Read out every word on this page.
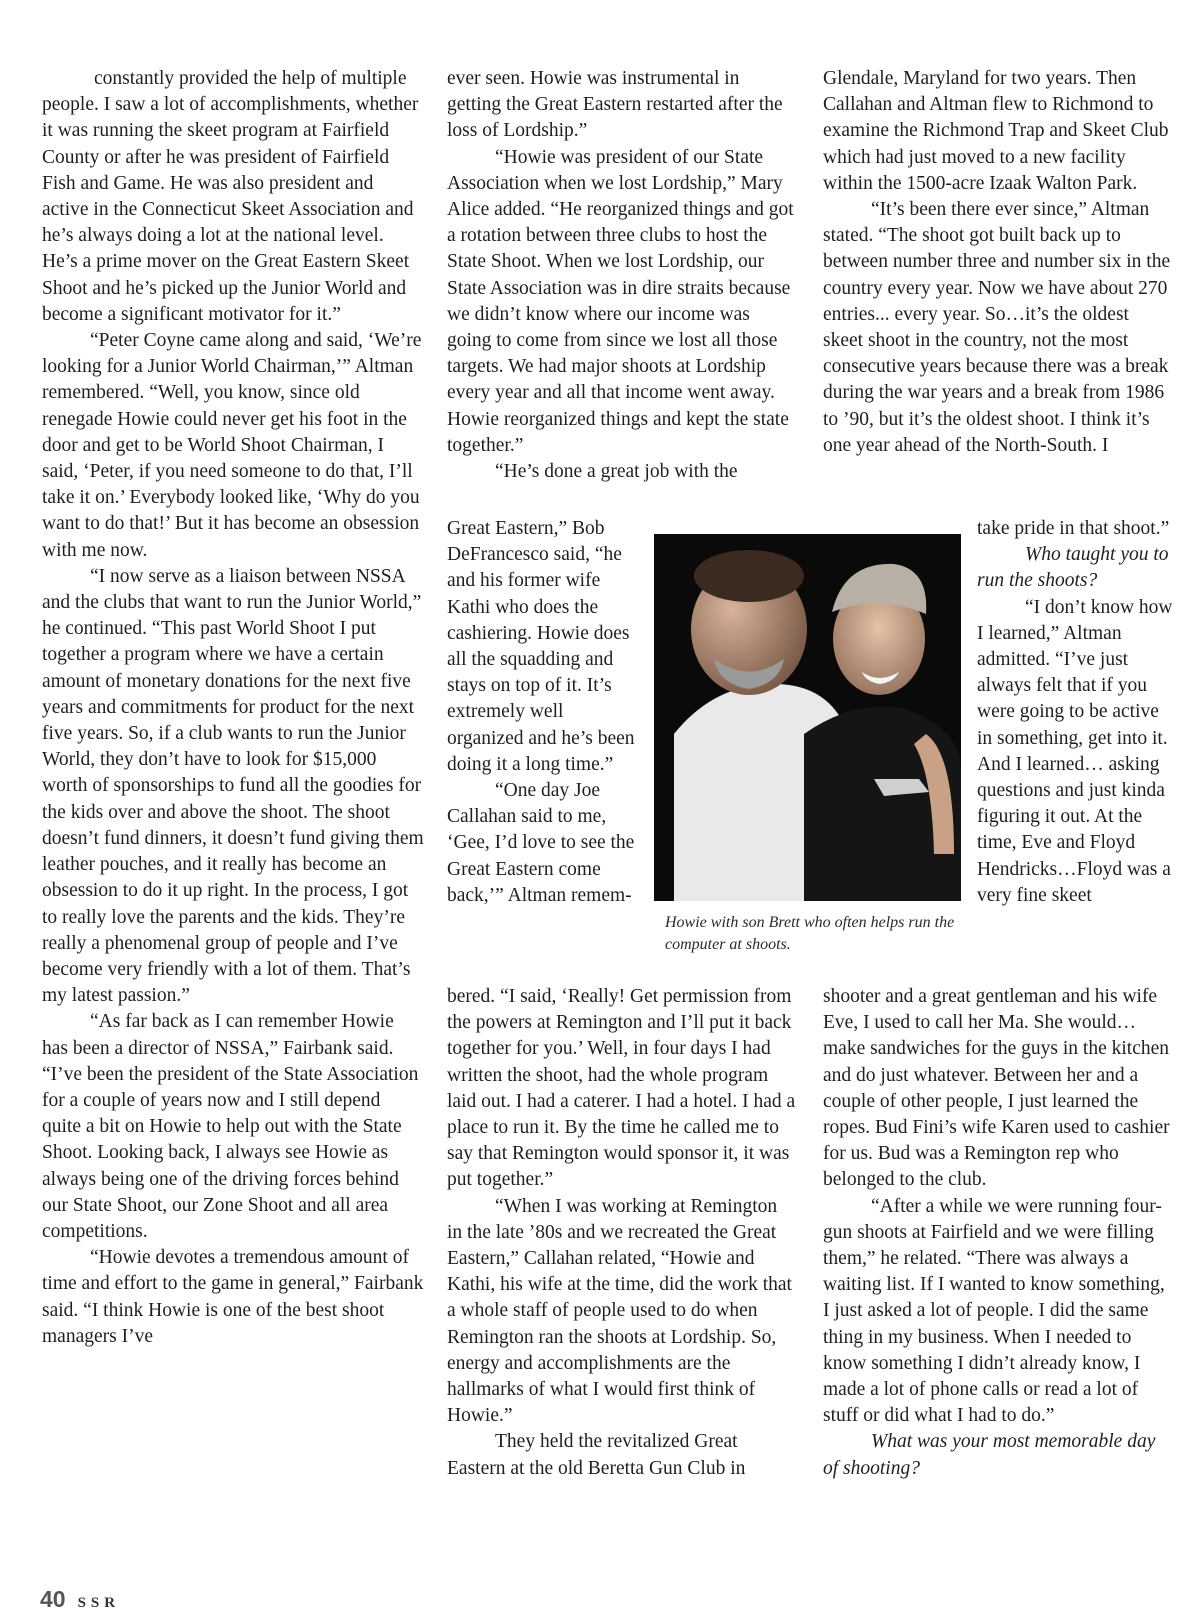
constantly provided the help of multiple people. I saw a lot of accomplishments, whether it was running the skeet program at Fairfield County or after he was president of Fairfield Fish and Game. He was also president and active in the Connecticut Skeet Association and he’s always doing a lot at the national level. He’s a prime mover on the Great Eastern Skeet Shoot and he’s picked up the Junior World and become a significant motivator for it.”

“Peter Coyne came along and said, ‘We’re looking for a Junior World Chairman,’” Altman remembered. “Well, you know, since old renegade Howie could never get his foot in the door and get to be World Shoot Chairman, I said, ‘Peter, if you need someone to do that, I’ll take it on.’ Everybody looked like, ‘Why do you want to do that!’ But it has become an obsession with me now.

“I now serve as a liaison between NSSA and the clubs that want to run the Junior World,” he continued. “This past World Shoot I put together a program where we have a certain amount of monetary donations for the next five years and commitments for product for the next five years. So, if a club wants to run the Junior World, they don’t have to look for $15,000 worth of sponsorships to fund all the goodies for the kids over and above the shoot. The shoot doesn’t fund dinners, it doesn’t fund giving them leather pouches, and it really has become an obsession to do it up right. In the process, I got to really love the parents and the kids. They’re really a phenomenal group of people and I’ve become very friendly with a lot of them. That’s my latest passion.”

“As far back as I can remember Howie has been a director of NSSA,” Fairbank said. “I’ve been the president of the State Association for a couple of years now and I still depend quite a bit on Howie to help out with the State Shoot. Looking back, I always see Howie as always being one of the driving forces behind our State Shoot, our Zone Shoot and all area competitions.

“Howie devotes a tremendous amount of time and effort to the game in general,” Fairbank said. “I think Howie is one of the best shoot managers I’ve

ever seen. Howie was instrumental in getting the Great Eastern restarted after the loss of Lordship.”

“Howie was president of our State Association when we lost Lordship,” Mary Alice added. “He reorganized things and got a rotation between three clubs to host the State Shoot. When we lost Lordship, our State Association was in dire straits because we didn’t know where our income was going to come from since we lost all those targets. We had major shoots at Lordship every year and all that income went away. Howie reorganized things and kept the state together.”

“He’s done a great job with the

Great Eastern,” Bob DeFrancesco said, “he and his former wife Kathi who does the cashiering. Howie does all the squadding and stays on top of it. It’s extremely well organized and he’s been doing it a long time.”

“One day Joe Callahan said to me, ‘Gee, I’d love to see the Great Eastern come back,’” Altman remem-

bered. “I said, ‘Really! Get permission from the powers at Remington and I’ll put it back together for you.’ Well, in four days I had written the shoot, had the whole program laid out. I had a caterer. I had a hotel. I had a place to run it. By the time he called me to say that Remington would sponsor it, it was put together.”

“When I was working at Remington in the late ’80s and we recreated the Great Eastern,” Callahan related, “Howie and Kathi, his wife at the time, did the work that a whole staff of people used to do when Remington ran the shoots at Lordship. So, energy and accomplishments are the hallmarks of what I would first think of Howie.”

They held the revitalized Great Eastern at the old Beretta Gun Club in

Glendale, Maryland for two years. Then Callahan and Altman flew to Richmond to examine the Richmond Trap and Skeet Club which had just moved to a new facility within the 1500-acre Izaak Walton Park.

“It’s been there ever since,” Altman stated. “The shoot got built back up to between number three and number six in the country every year. Now we have about 270 entries... every year. So…it’s the oldest skeet shoot in the country, not the most consecutive years because there was a break during the war years and a break from 1986 to ’90, but it’s the oldest shoot. I think it’s one year ahead of the North-South. I

take pride in that shoot.”

Who taught you to run the shoots?

“I don’t know how I learned,” Altman admitted. “I’ve just always felt that if you were going to be active in something, get into it. And I learned… asking questions and just kinda figuring it out. At the time, Eve and Floyd Hendricks…Floyd was a very fine skeet

shooter and a great gentleman and his wife Eve, I used to call her Ma. She would…make sandwiches for the guys in the kitchen and do just whatever. Between her and a couple of other people, I just learned the ropes. Bud Fini’s wife Karen used to cashier for us. Bud was a Remington rep who belonged to the club.

“After a while we were running four-gun shoots at Fairfield and we were filling them,” he related. “There was always a waiting list. If I wanted to know something, I just asked a lot of people. I did the same thing in my business. When I needed to know something I didn’t already know, I made a lot of phone calls or read a lot of stuff or did what I had to do.”

What was your most memorable day of shooting?

Howie with son Brett who often helps run the computer at shoots.
40 SSR
